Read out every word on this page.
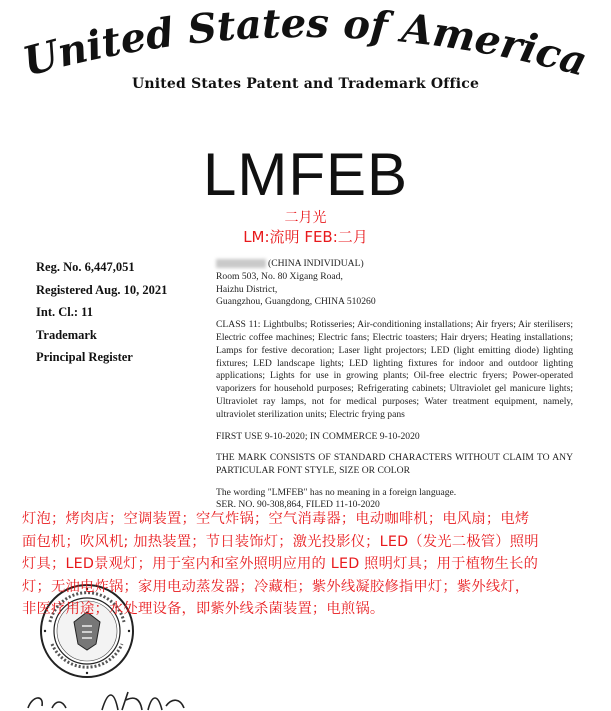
United States of America
United States Patent and Trademark Office
LMFEB
二月光
LM:流明 FEB:二月
Reg. No. 6,447,051
Registered Aug. 10, 2021
Int. Cl.: 11
Trademark
Principal Register

(CHINA INDIVIDUAL)

Room 503, No. 80 Xigang Road,

Haizhu District,

Guangzhou, Guangdong, CHINA 510260

CLASS 11: Lightbulbs; Rotisseries; Air-conditioning installations; Air fryers; Air sterilisers; Electric coffee machines; Electric fans; Electric toasters; Hair dryers; Heating installations; Lamps for festive decoration; Laser light projectors; LED (light emitting diode) lighting fixtures; LED landscape lights; LED lighting fixtures for indoor and outdoor lighting applications; Lights for use in growing plants; Oil-free electric fryers; Power-operated vaporizers for household purposes; Refrigerating cabinets; Ultraviolet gel manicure lights; Ultraviolet ray lamps, not for medical purposes; Water treatment equipment, namely, ultraviolet sterilization units; Electric frying pans

FIRST USE 9-10-2020; IN COMMERCE 9-10-2020

THE MARK CONSISTS OF STANDARD CHARACTERS WITHOUT CLAIM TO ANY PARTICULAR FONT STYLE, SIZE OR COLOR

The wording "LMFEB" has no meaning in a foreign language.

SER. NO. 90-308,864, FILED 11-10-2020
灯泡；烤肉店；空调装置；空气炸锅；空气消毒器；电动咖啡机；电风扇；电烤
面包机；吹风机; 加热装置；节日装饰灯；激光投影仪；LED（发光二极管）照明
灯具；LED景观灯；用于室内和室外照明应用的 LED 照明灯具；用于植物生长的
灯；无油电炸锅；家用电动蒸发器；冷藏柜；紫外线凝胶修指甲灯；紫外线灯，
非医疗用途；水处理设备，即紫外线杀菌装置；电煎锅。
